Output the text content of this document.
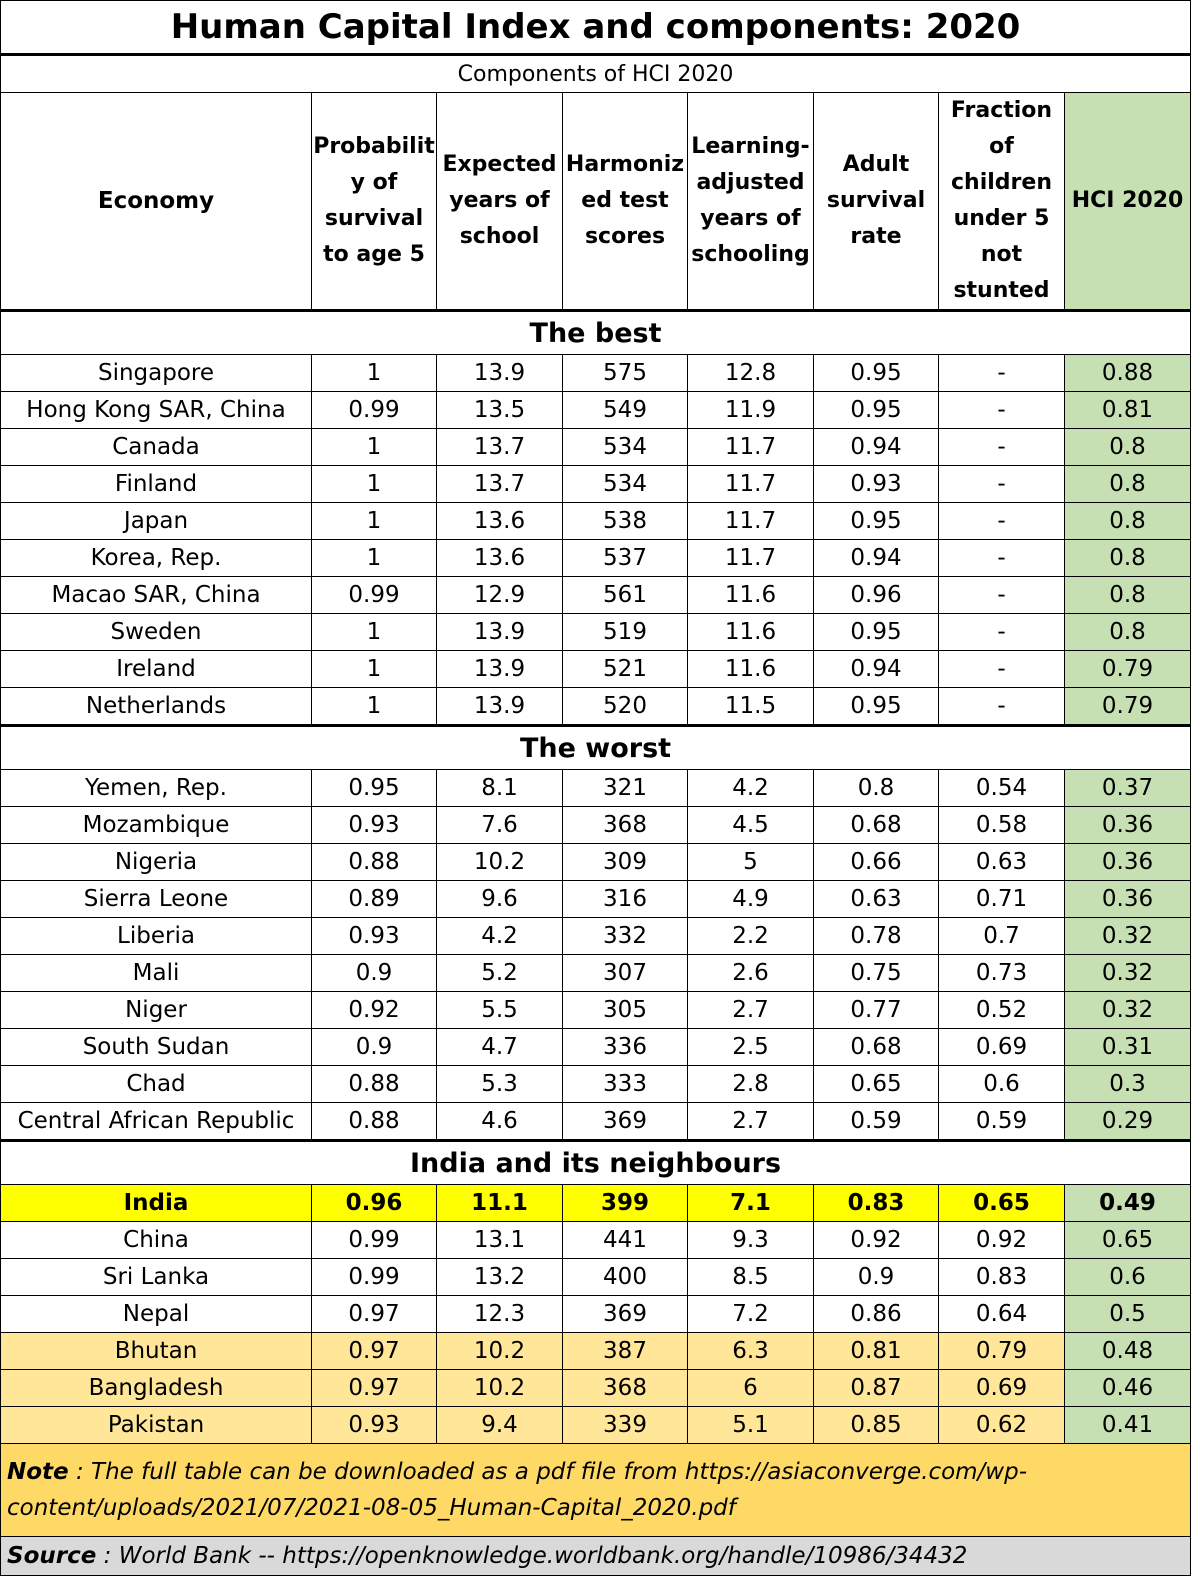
Human Capital Index and components: 2020							
Components of HCI 2020							
Economy	Probabilit y of survival to age 5	Expected years of school	Harmoniz ed test scores	Learning-adjusted years of schooling	Adult survival rate	Fraction of children under 5 not stunted	HCI 2020
The best							
Singapore	1	13.9	575	12.8	0.95	-	0.88
Hong Kong SAR, China	0.99	13.5	549	11.9	0.95	-	0.81
Canada	1	13.7	534	11.7	0.94	-	0.8
Finland	1	13.7	534	11.7	0.93	-	0.8
Japan	1	13.6	538	11.7	0.95	-	0.8
Korea, Rep.	1	13.6	537	11.7	0.94	-	0.8
Macao SAR, China	0.99	12.9	561	11.6	0.96	-	0.8
Sweden	1	13.9	519	11.6	0.95	-	0.8
Ireland	1	13.9	521	11.6	0.94	-	0.79
Netherlands	1	13.9	520	11.5	0.95	-	0.79
The worst							
Yemen, Rep.	0.95	8.1	321	4.2	0.8	0.54	0.37
Mozambique	0.93	7.6	368	4.5	0.68	0.58	0.36
Nigeria	0.88	10.2	309	5	0.66	0.63	0.36
Sierra Leone	0.89	9.6	316	4.9	0.63	0.71	0.36
Liberia	0.93	4.2	332	2.2	0.78	0.7	0.32
Mali	0.9	5.2	307	2.6	0.75	0.73	0.32
Niger	0.92	5.5	305	2.7	0.77	0.52	0.32
South Sudan	0.9	4.7	336	2.5	0.68	0.69	0.31
Chad	0.88	5.3	333	2.8	0.65	0.6	0.3
Central African Republic	0.88	4.6	369	2.7	0.59	0.59	0.29
India and its neighbours							
India	0.96	11.1	399	7.1	0.83	0.65	0.49
China	0.99	13.1	441	9.3	0.92	0.92	0.65
Sri Lanka	0.99	13.2	400	8.5	0.9	0.83	0.6
Nepal	0.97	12.3	369	7.2	0.86	0.64	0.5
Bhutan	0.97	10.2	387	6.3	0.81	0.79	0.48
Bangladesh	0.97	10.2	368	6	0.87	0.69	0.46
Pakistan	0.93	9.4	339	5.1	0.85	0.62	0.41
Note : The full table can be downloaded as a pdf file from https://asiaconverge.com/wp-content/uploads/2021/07/2021-08-05_Human-Capital_2020.pdf							
Source : World Bank -- https://openknowledge.worldbank.org/handle/10986/34432							
